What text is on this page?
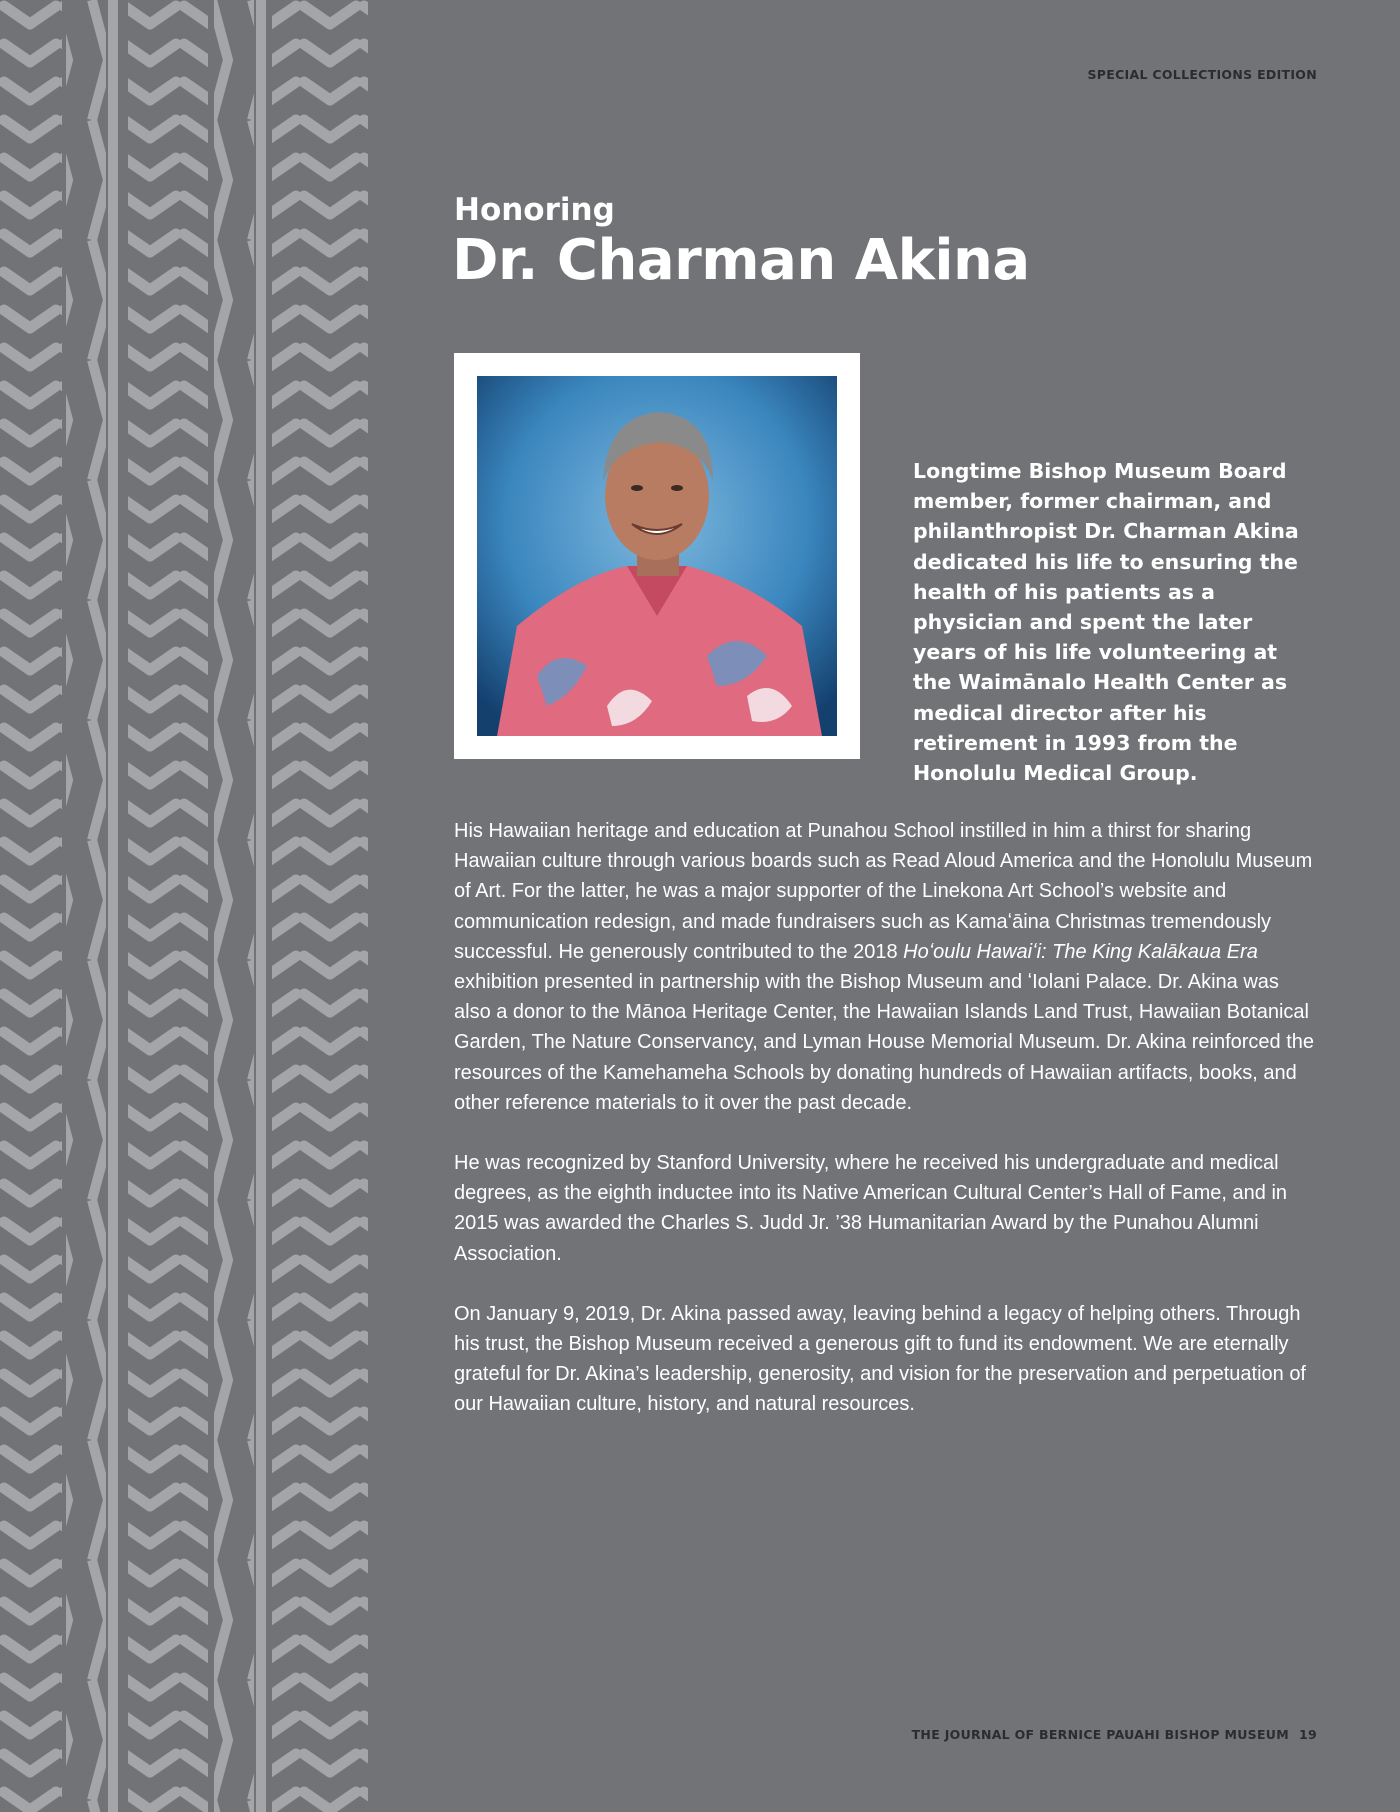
SPECIAL COLLECTIONS EDITION
Honoring
Dr. Charman Akina
Longtime Bishop Museum Board member, former chairman, and philanthropist Dr. Charman Akina dedicated his life to ensuring the health of his patients as a physician and spent the later years of his life volunteering at the Waimānalo Health Center as medical director after his retirement in 1993 from the Honolulu Medical Group.

His Hawaiian heritage and education at Punahou School instilled in him a thirst for sharing Hawaiian culture through various boards such as Read Aloud America and the Honolulu Museum of Art. For the latter, he was a major supporter of the Linekona Art School’s website and communication redesign, and made fundraisers such as Kamaʻāina Christmas tremendously successful. He generously contributed to the 2018 Hoʻoulu Hawaiʻi: The King Kalākaua Era exhibition presented in partnership with the Bishop Museum and ʻIolani Palace. Dr. Akina was also a donor to the Mānoa Heritage Center, the Hawaiian Islands Land Trust, Hawaiian Botanical Garden, The Nature Conservancy, and Lyman House Memorial Museum. Dr. Akina reinforced the resources of the Kamehameha Schools by donating hundreds of Hawaiian artifacts, books, and other reference materials to it over the past decade.

He was recognized by Stanford University, where he received his undergraduate and medical degrees, as the eighth inductee into its Native American Cultural Center’s Hall of Fame, and in 2015 was awarded the Charles S. Judd Jr. ’38 Humanitarian Award by the Punahou Alumni Association.

On January 9, 2019, Dr. Akina passed away, leaving behind a legacy of helping others. Through his trust, the Bishop Museum received a generous gift to fund its endowment. We are eternally grateful for Dr. Akina’s leadership, generosity, and vision for the preservation and perpetuation of our Hawaiian culture, history, and natural resources.

THE JOURNAL OF BERNICE PAUAHI BISHOP MUSEUM 19
